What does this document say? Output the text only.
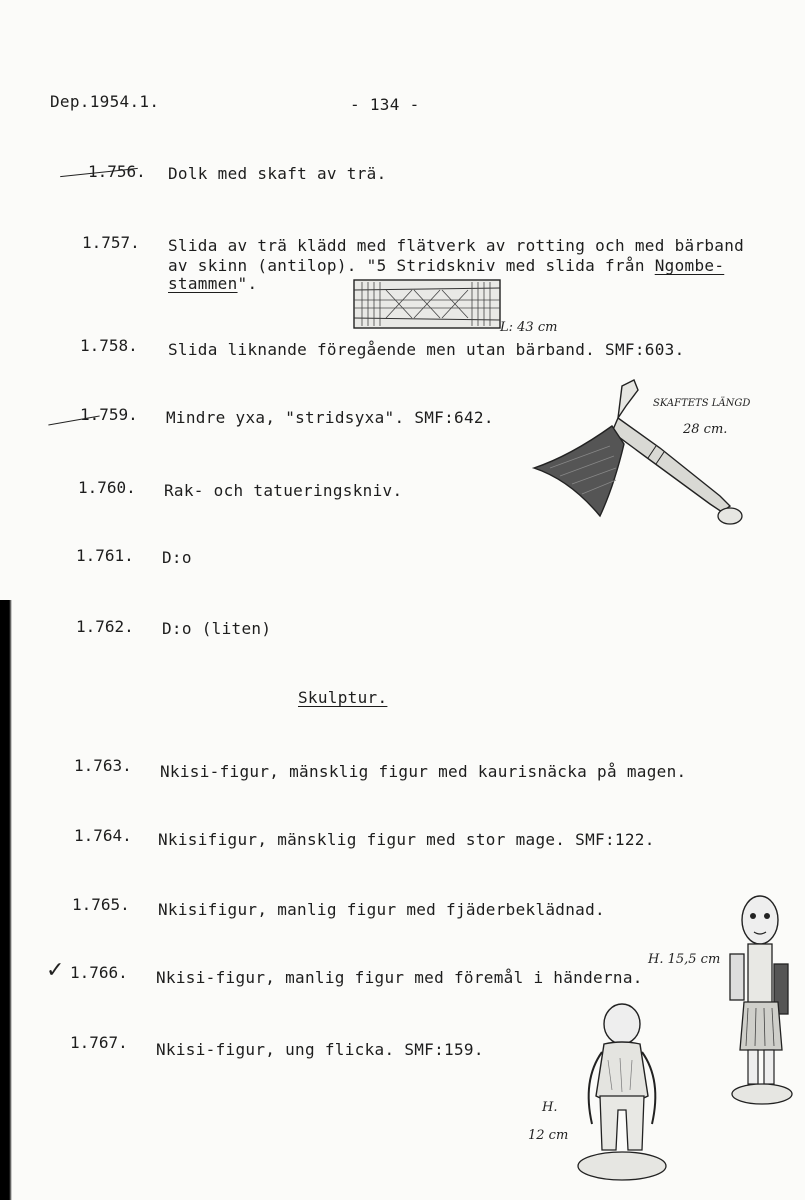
Dep.1954.1.	- 134 -
1.756. Dolk med skaft av trä.
1.757. Slida av trä klädd med flätverk av rotting och med bärband
av skinn (antilop). "5 Stridskniv med slida från Ngombe-
stammen".
L: 43 cm
1.758. Slida liknande föregående men utan bärband. SMF:603.
1.759. Mindre yxa, "stridsyxa". SMF:642.
SKAFTETS LÄNGD
28 cm.
1.760. Rak- och tatueringskniv.
1.761. D:o
1.762. D:o (liten)
Skulptur.
1.763. Nkisi-figur, mänsklig figur med kaurisnäcka på magen.
1.764. Nkisifigur, mänsklig figur med stor mage. SMF:122.
1.765. Nkisifigur, manlig figur med fjäderbeklädnad.
✓ 1.766. Nkisi-figur, manlig figur med föremål i händerna.
H. 15,5 cm
1.767. Nkisi-figur, ung flicka. SMF:159.
H.
12 cm
